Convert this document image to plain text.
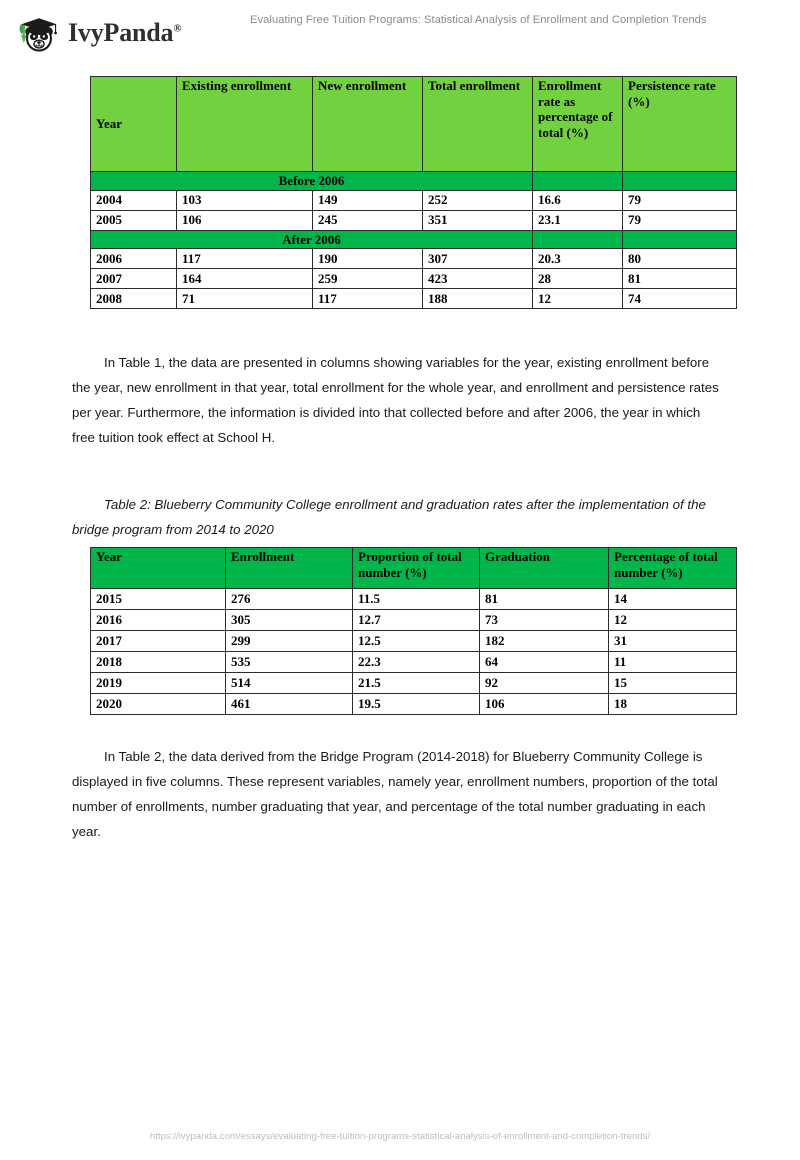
IvyPanda®
Evaluating Free Tuition Programs: Statistical Analysis of Enrollment and Completion Trends
Year	Existing enrollment	New enrollment	Total enrollment	Enrollment rate as percentage of total (%)	Persistence rate (%)
Before 2006					
2004	103	149	252	16.6	79
2005	106	245	351	23.1	79
After 2006					
2006	117	190	307	20.3	80
2007	164	259	423	28	81
2008	71	117	188	12	74

In Table 1, the data are presented in columns showing variables for the year, existing enrollment before the year, new enrollment in that year, total enrollment for the whole year, and enrollment and persistence rates per year. Furthermore, the information is divided into that collected before and after 2006, the year in which free tuition took effect at School H.

Table 2: Blueberry Community College enrollment and graduation rates after the implementation of the bridge program from 2014 to 2020

Year	Enrollment	Proportion of total number (%)	Graduation	Percentage of total number (%)
2015	276	11.5	81	14
2016	305	12.7	73	12
2017	299	12.5	182	31
2018	535	22.3	64	11
2019	514	21.5	92	15
2020	461	19.5	106	18

In Table 2, the data derived from the Bridge Program (2014-2018) for Blueberry Community College is displayed in five columns. These represent variables, namely year, enrollment numbers, proportion of the total number of enrollments, number graduating that year, and percentage of the total number graduating in each year.

https://ivypanda.com/essays/evaluating-free-tuition-programs-statistical-analysis-of-enrollment-and-completion-trends/
